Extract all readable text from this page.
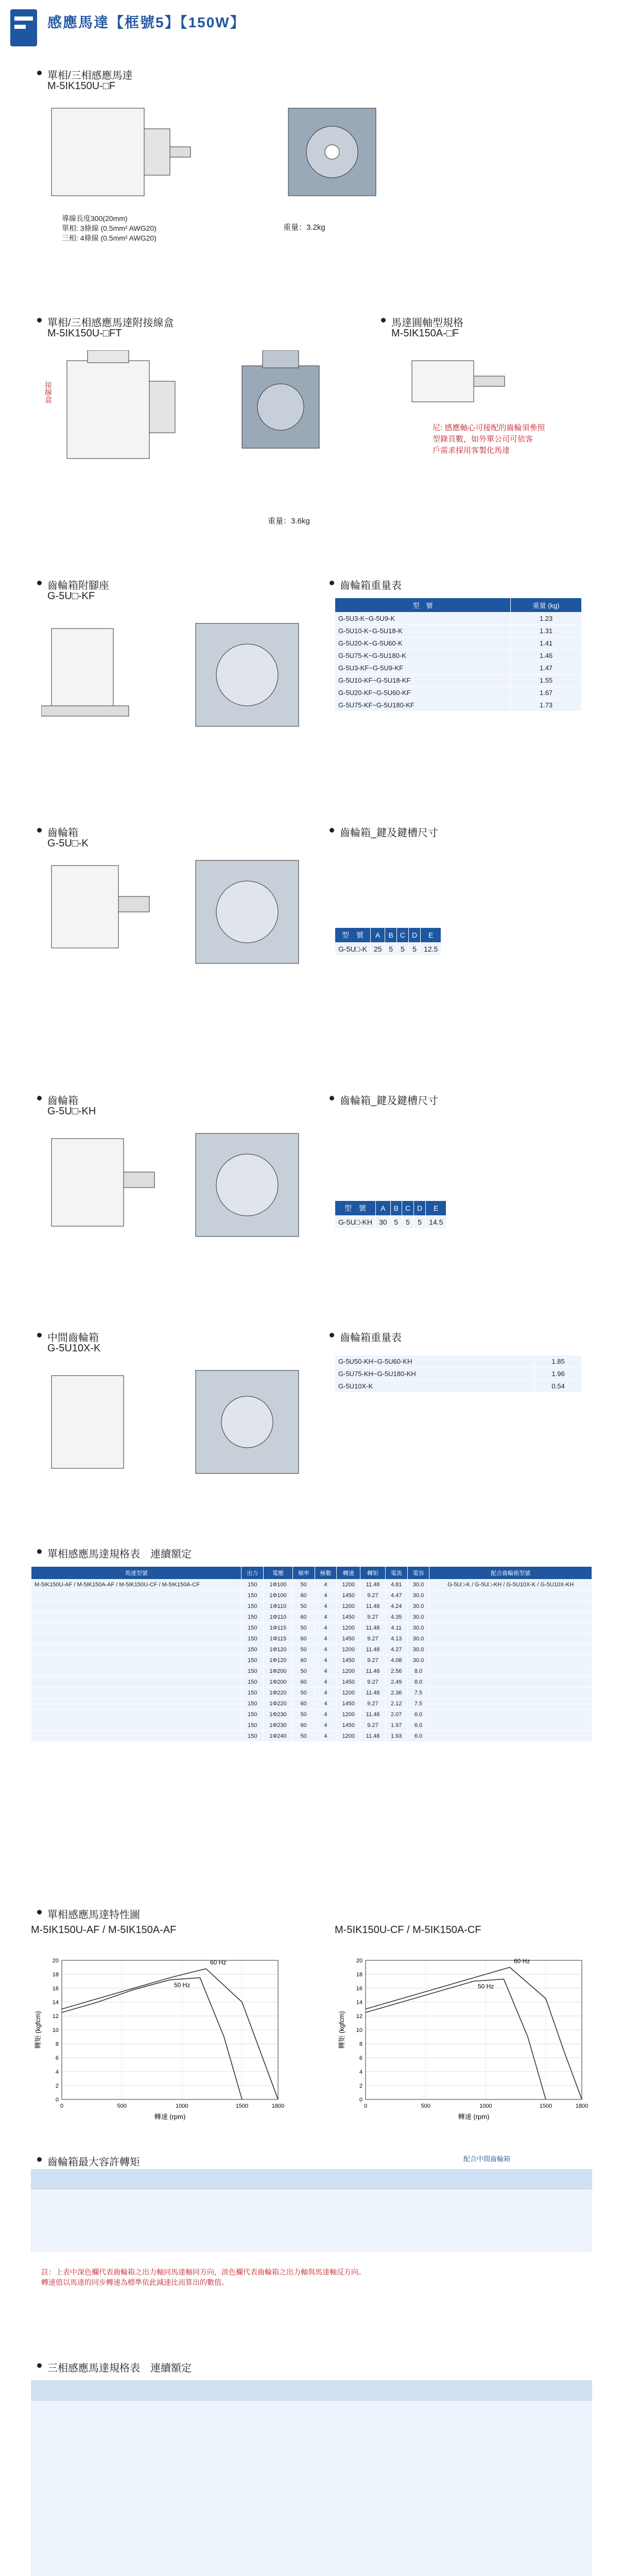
感應馬達【框號5】【150W】
單相/三相感應馬達
M-5IK150U-□F
導線長度300(20mm)
單相: 3條線 (0.5mm² AWG20)
三相: 4條線 (0.5mm² AWG20)
重量：3.2kg
單相/三相感應馬達附接線盒
M-5IK150U-□FT
接線盒
重量：3.6kg
馬達圓軸型規格
M-5IK150A-□F
尼: 感應軸心可接配的齒輪須參照
型錄頁數，如外單公司可依客
戶需求採用客製化馬達
齒輪箱附腳座
G-5U□-KF
齒輪箱重量表
型　號	重量 (kg)
G-5U3-K~G-5U9-K	1.23
G-5U10-K~G-5U18-K	1.31
G-5U20-K~G-5U60-K	1.41
G-5U75-K~G-5U180-K	1.46
G-5U3-KF~G-5U9-KF	1.47
G-5U10-KF~G-5U18-KF	1.55
G-5U20-KF~G-5U60-KF	1.67
G-5U75-KF~G-5U180-KF	1.73
齒輪箱
G-5U□-K
齒輪箱_鍵及鍵槽尺寸
型　號	A	B	C	D	E
G-5U□-K	25	5	5	5	12.5
齒輪箱
G-5U□-KH
齒輪箱_鍵及鍵槽尺寸
型　號	A	B	C	D	E
G-5U□-KH	30	5	5	5	14.5
中間齒輪箱
G-5U10X-K
齒輪箱重量表
G-5U50-KH~G-5U60-KH	1.85
G-5U75-KH~G-5U180-KH	1.96
G-5U10X-K	0.54
單相感應馬達規格表　連續額定
馬達型號	出力	電壓	頻率	極數	轉速	轉矩	電流	電容	配合齒輪箱型號
M-5IK150U-AF / M-5IK150A-AF / M-5IK150U-CF / M-5IK150A-CF	150	1Φ100	50	4	1200	11.48	4.81	30.0	G-5U□-K / G-5U□-KH / G-5U10X-K / G-5U10X-KH
	150	1Φ100	60	4	1450	9.27	4.47	30.0	
	150	1Φ110	50	4	1200	11.48	4.24	30.0	
	150	1Φ110	60	4	1450	9.27	4.35	30.0	
	150	1Φ115	50	4	1200	11.48	4.11	30.0	
	150	1Φ115	60	4	1450	9.27	4.13	30.0	
	150	1Φ120	50	4	1200	11.48	4.27	30.0	
	150	1Φ120	60	4	1450	9.27	4.08	30.0	
	150	1Φ200	50	4	1200	11.48	2.56	8.0	
	150	1Φ200	60	4	1450	9.27	2.49	8.0	
	150	1Φ220	50	4	1200	11.48	2.36	7.5	
	150	1Φ220	60	4	1450	9.27	2.12	7.5	
	150	1Φ230	50	4	1200	11.48	2.07	6.0	
	150	1Φ230	60	4	1450	9.27	1.97	6.0	
	150	1Φ240	50	4	1200	11.48	1.93	6.0	
單相感應馬達特性圖
M-5IK150U-AF / M-5IK150A-AF
0
2
4
6
8
10
12
14
16
18
20
0	500	1000	1500	1800
60 Hz
50 Hz
轉速 (rpm)
轉矩 (kgfcm)
M-5IK150U-CF / M-5IK150A-CF
0
2
4
6
8
10
12
14
16
18
20
0	500	1000	1500	1800
60 Hz
50 Hz
轉速 (rpm)
轉矩 (kgfcm)
齒輪箱最大容許轉矩	配合中間齒輪箱
註：上表中深色欄代表齒輪箱之出力軸同馬達軸同方向，淡色欄代表齒輪箱之出力軸與馬達軸反方向。
轉速值以馬達的同步轉速為標準依此減速比而算出的數值。
三相感應馬達規格表　連續額定
